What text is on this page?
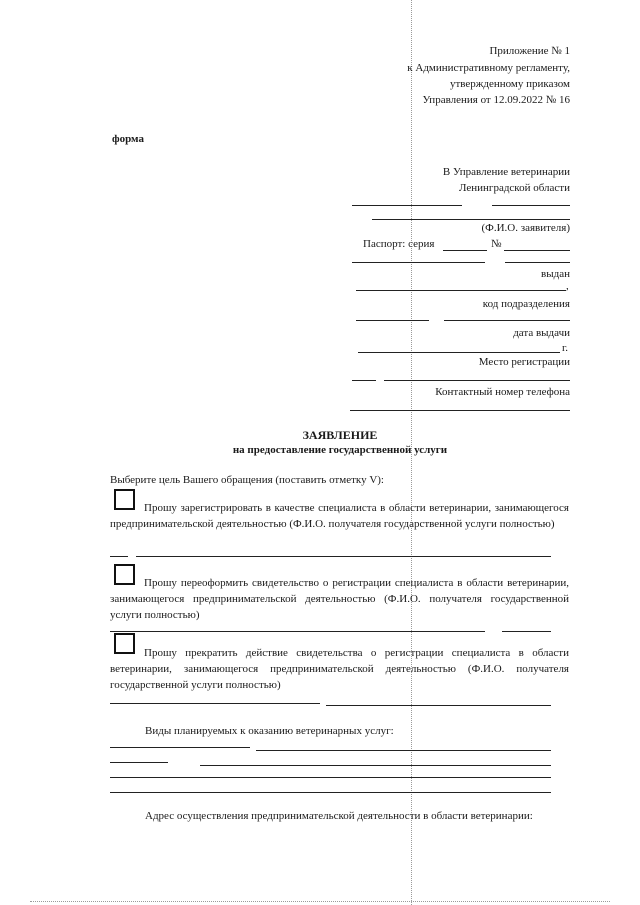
Приложение № 1
к Административному регламенту,
утвержденному приказом
Управления от 12.09.2022 № 16
форма
В Управление ветеринарии
Ленинградской области
(Ф.И.О. заявителя)
Паспорт: серия	№
выдан
,
код подразделения
дата выдачи
г.
Место регистрации
Контактный номер телефона
ЗАЯВЛЕНИЕ
на предоставление государственной услуги
Выберите цель Вашего обращения (поставить отметку V):
Прошу зарегистрировать в качестве специалиста в области ветеринарии, занимающегося предпринимательской деятельностью (Ф.И.О. получателя государственной услуги полностью)
Прошу переоформить свидетельство о регистрации специалиста в области ветеринарии, занимающегося предпринимательской деятельностью (Ф.И.О. получателя государственной услуги полностью)
Прошу прекратить действие свидетельства о регистрации специалиста в области ветеринарии, занимающегося предпринимательской деятельностью (Ф.И.О. получателя государственной услуги полностью)
Виды планируемых к оказанию ветеринарных услуг:
Адрес осуществления предпринимательской деятельности в области ветеринарии:
